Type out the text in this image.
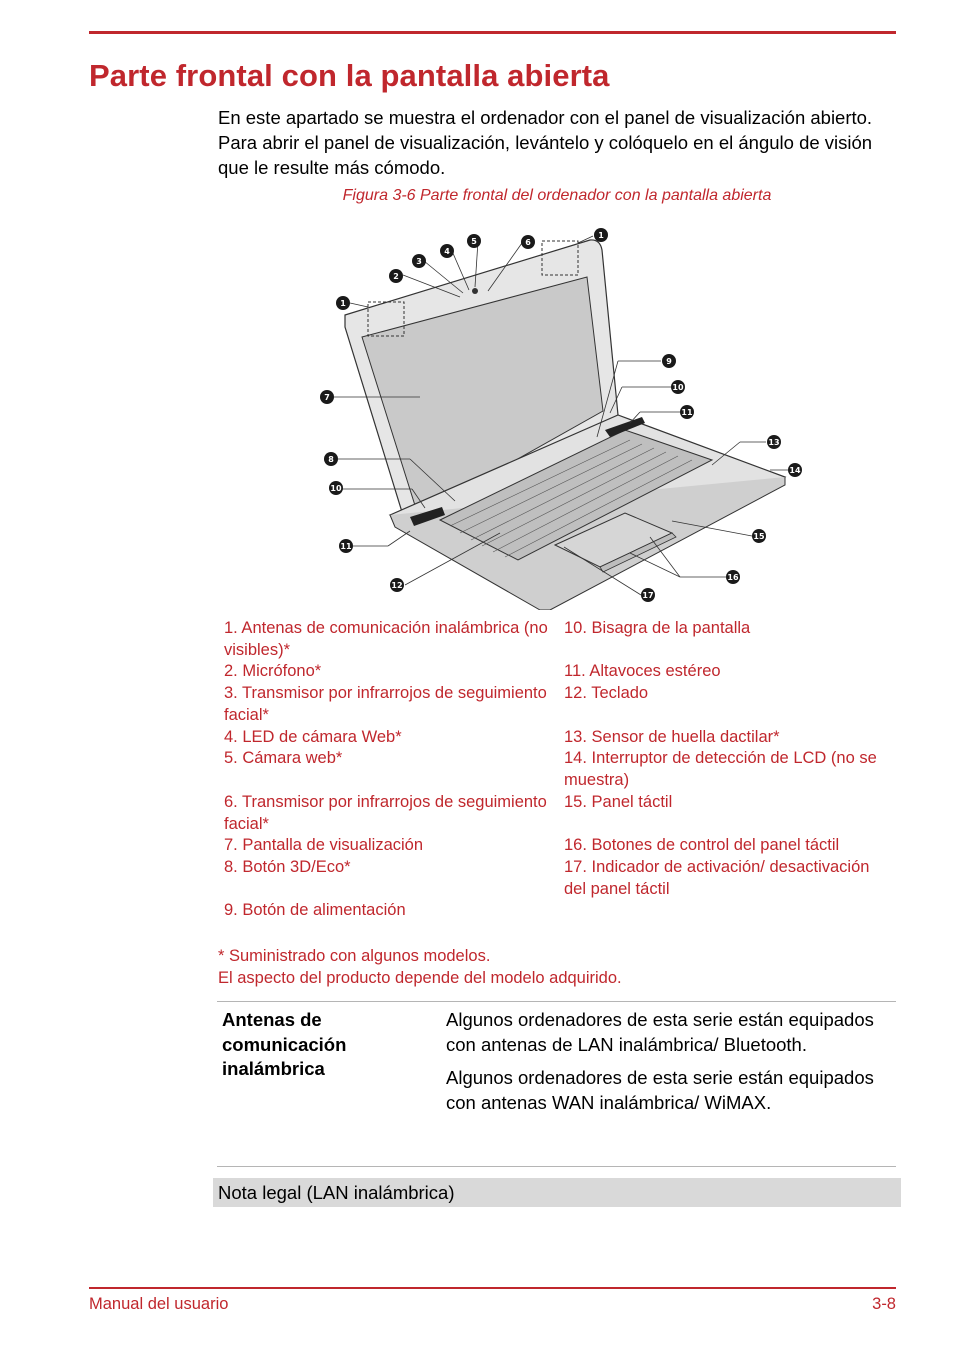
Parte frontal con la pantalla abierta

En este apartado se muestra el ordenador con el panel de visualización abierto. Para abrir el panel de visualización, levántelo y colóquelo en el ángulo de visión que le resulte más cómodo.

Figura 3-6 Parte frontal del ordenador con la pantalla abierta
1
2
3
4
5	6
1
7
8
9
10
10
11
11
12
13
14
15
16
17

1. Antenas de comunicación inalámbrica (no visibles)*

2. Micrófono*

3. Transmisor por infrarrojos de seguimiento facial*

4. LED de cámara Web*

5. Cámara web*

6. Transmisor por infrarrojos de seguimiento facial*

7. Pantalla de visualización

8. Botón 3D/Eco*

9. Botón de alimentación

10. Bisagra de la pantalla

11. Altavoces estéreo

12. Teclado

13. Sensor de huella dactilar*

14. Interruptor de detección de LCD (no se muestra)

15. Panel táctil

16. Botones de control del panel táctil

17. Indicador de activación/ desactivación del panel táctil

* Suministrado con algunos modelos.
El aspecto del producto depende del modelo adquirido.
Antenas de comunicación inalámbrica

Algunos ordenadores de esta serie están equipados con antenas de LAN inalámbrica/ Bluetooth.

Algunos ordenadores de esta serie están equipados con antenas WAN inalámbrica/ WiMAX.

Nota legal (LAN inalámbrica)
Manual del usuario	3-8
